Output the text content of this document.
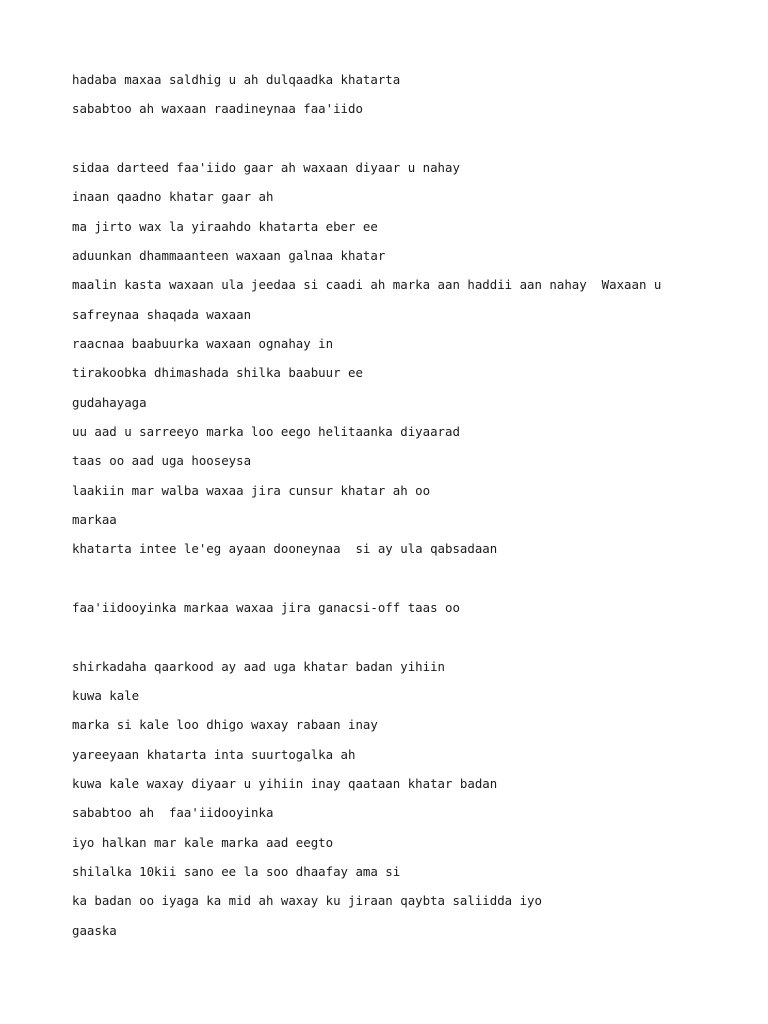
hadaba maxaa saldhig u ah dulqaadka khatarta
sababtoo ah waxaan raadineynaa faa'iido
sidaa darteed faa'iido gaar ah waxaan diyaar u nahay
inaan qaadno khatar gaar ah
ma jirto wax la yiraahdo khatarta eber ee
aduunkan dhammaanteen waxaan galnaa khatar
maalin kasta waxaan ula jeedaa si caadi ah marka aan haddii aan nahay  Waxaan u
safreynaa shaqada waxaan
raacnaa baabuurka waxaan ognahay in
tirakoobka dhimashada shilka baabuur ee
gudahayaga
uu aad u sarreeyo marka loo eego helitaanka diyaarad
taas oo aad uga hooseysa
laakiin mar walba waxaa jira cunsur khatar ah oo
markaa
khatarta intee le'eg ayaan dooneynaa  si ay ula qabsadaan
faa'iidooyinka markaa waxaa jira ganacsi-off taas oo
shirkadaha qaarkood ay aad uga khatar badan yihiin
kuwa kale
marka si kale loo dhigo waxay rabaan inay
yareeyaan khatarta inta suurtogalka ah
kuwa kale waxay diyaar u yihiin inay qaataan khatar badan
sababtoo ah  faa'iidooyinka
iyo halkan mar kale marka aad eegto
shilalka 10kii sano ee la soo dhaafay ama si
ka badan oo iyaga ka mid ah waxay ku jiraan qaybta saliidda iyo
gaaska
